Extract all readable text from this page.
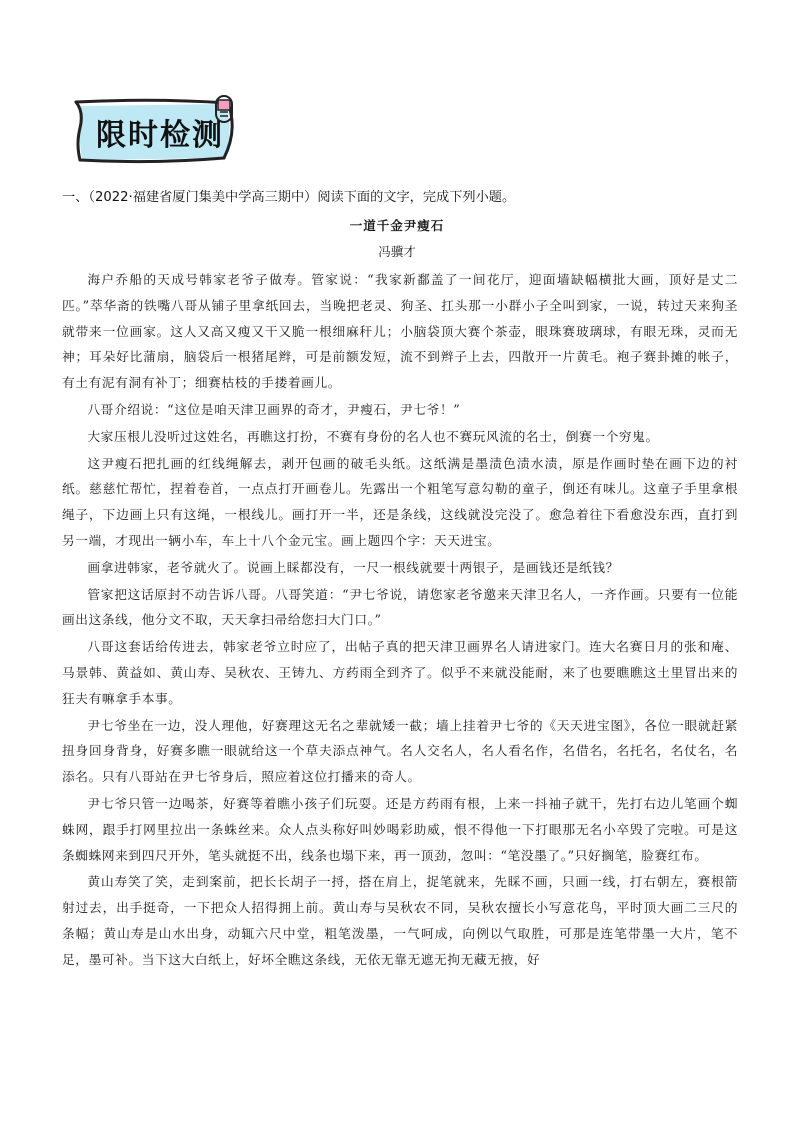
限时检测
一、（2022·福建省厦门集美中学高三期中）阅读下面的文字，完成下列小题。
一道千金尹瘦石
冯骥才

海户乔船的天成号韩家老爷子做寿。管家说：“我家新鄱盖了一间花厅，迎面墙缺幅横批大画，顶好是丈二匹。”萃华斋的铁嘴八哥从铺子里拿纸回去，当晚把老灵、狗圣、扛头那一小群小子全叫到家，一说，转过天来狗圣就带来一位画家。这人又高又瘦又干又脆一根细麻秆儿；小脑袋顶大赛个茶壶，眼珠赛玻璃球，有眼无珠，灵而无神；耳朵好比蒲扇，脑袋后一根猪尾辫，可是前额发短，流不到辫子上去，四散开一片黄毛。袍子赛卦摊的帐子，有土有泥有洞有补丁；细赛枯枝的手搂着画儿。

八哥介绍说：“这位是咱天津卫画界的奇才，尹瘦石，尹七爷！”

大家压根儿没听过这姓名，再瞧这打扮，不赛有身份的名人也不赛玩风流的名士，倒赛一个穷鬼。

这尹瘦石把扎画的红线绳解去，剥开包画的破毛头纸。这纸满是墨渍色渍水渍，原是作画时垫在画下边的衬纸。慈慈忙帮忙，捏着卷首，一点点打开画卷儿。先露出一个粗笔写意勾勒的童子，倒还有味儿。这童子手里拿根绳子，下边画上只有这绳，一根线儿。画打开一半，还是条线，这线就没完没了。愈急着往下看愈没东西，直打到另一端，才现出一辆小车，车上十八个金元宝。画上题四个字：天天进宝。

画拿进韩家，老爷就火了。说画上睬都没有，一尺一根线就要十两银子，是画钱还是纸钱？

管家把这话原封不动告诉八哥。八哥笑道：“尹七爷说，请您家老爷邀来天津卫名人，一齐作画。只要有一位能画出这条线，他分文不取，天天拿扫帚给您扫大门口。”

八哥这套话给传进去，韩家老爷立时应了，出帖子真的把天津卫画界名人请进家门。连大名赛日月的张和庵、马景韩、黄益如、黄山寿、吴秋农、王铸九、方药雨全到齐了。似乎不来就没能耐，来了也要瞧瞧这土里冒出来的狂夫有嘛拿手本事。

尹七爷坐在一边，没人理他，好赛理这无名之辈就矮一截；墙上挂着尹七爷的《天天进宝图》，各位一眼就赶紧扭身回身背身，好赛多瞧一眼就给这一个草夫添点神气。名人交名人，名人看名作，名借名，名托名，名仗名，名添名。只有八哥站在尹七爷身后，照应着这位打播来的奇人。

尹七爷只管一边喝茶，好赛等着瞧小孩子们玩耍。还是方药雨有根，上来一抖袖子就干，先打右边儿笔画个蜘蛛网，跟手打网里拉出一条蛛丝来。众人点头称好叫妙喝彩助威，恨不得他一下打眼那无名小卒毁了完啦。可是这条蜘蛛网来到四尺开外，笔头就挺不出，线条也塌下来，再一顶劲，忽叫：“笔没墨了。”只好搁笔，脸赛红布。

黄山寿笑了笑，走到案前，把长长胡子一捋，搭在肩上，捉笔就来，先睬不画，只画一线，打右朝左，赛根箭射过去，出手挺奇，一下把众人招得拥上前。黄山寿与吴秋农不同，吴秋农擅长小写意花鸟，平时顶大画二三尺的条幅；黄山寿是山水出身，动辄六尺中堂，粗笔泼墨，一气呵成，向例以气取胜，可那是连笔带墨一大片，笔不足，墨可补。当下这大白纸上，好坏全瞧这条线，无依无靠无遮无拘无藏无掖，好
